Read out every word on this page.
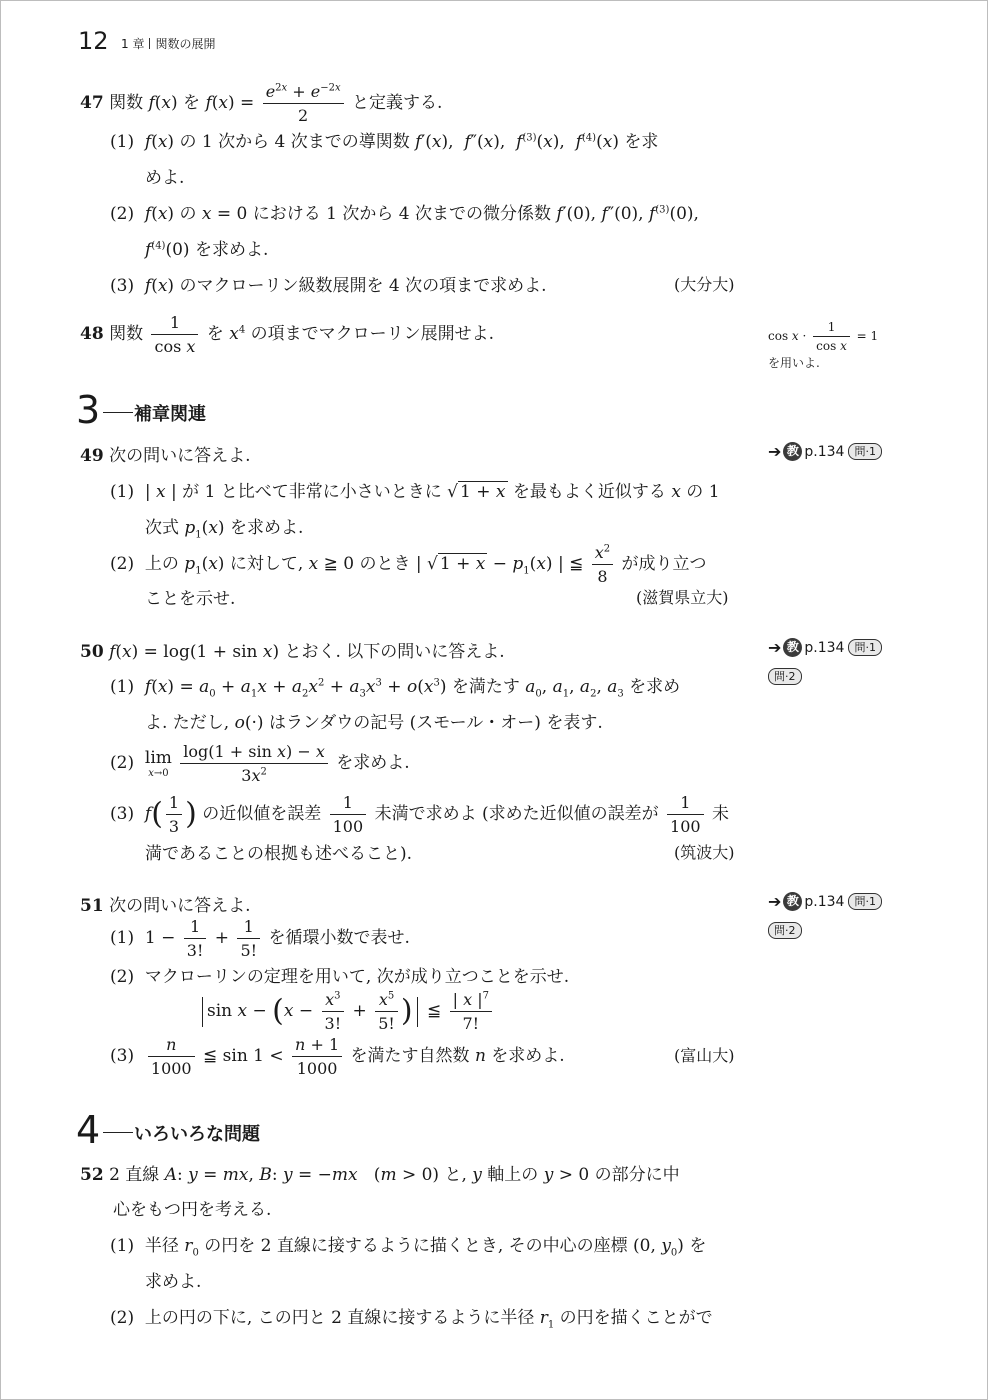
12 1 章 関数の展開
47 関数 f(x) を $f(x) = \frac{e^{2x} + e^{-2x}}{2}$ と定義する.
(1)  f(x) の 1 次から 4 次までの導関数 f′(x),  f″(x),  $f^{(3)}(x)$,  $f^{(4)}(x)$ を求
めよ.
(2)  f(x) の x = 0 における 1 次から 4 次までの微分係数 f′(0), f″(0), $f^{(3)}(0)$,
$f^{(4)}(0)$ を求めよ.
(3)  f(x) のマクローリン級数展開を 4 次の項まで求めよ.	(大分大)
48 関数 $\frac{1}{\text{cos x}}$ を $x^4$ の項までマクローリン展開せよ.	$\cos x \cdot \frac{1}{\text{cos x}} = 1$
を用いよ.
3 補章関連
49 次の問いに答えよ.	➔ 教 p.134 問·1
(1)  | x | が 1 と比べて非常に小さいときに √ 1 + x を最もよく近似する x の 1
次式 $p_1(x)$ を求めよ.
(2)  上の $p_1(x)$ に対して, x ≧ 0 のとき | √ $1 + x - p_1(x)$ | ≦ $\frac{x^2}{8}$ が成り立つ
ことを示せ.	(滋賀県立大)
50 f(x) = log(1 + sin x) とおく. 以下の問いに答えよ.	➔ 教 p.134 問·1
問·2
(1)  $f(x) = a_0 + a_1x + a_2x^2 + a_3x^3 + o(x^3)$ を満たす $a_0$, $a_1$, $a_2$, $a_3$ を求め
よ. ただし, o(·) はランダウの記号 (スモール・オー) を表す.
(2) lim
x→0
$\frac{\text{log(1 + sin x) − x}}{3x^2}$ を求めよ.
(3)  $f( \frac{1}{3}$ ) の近似値を誤差 $\frac{1}{100}$ 未満で求めよ (求めた近似値の誤差が $\frac{1}{100}$ 未
満であることの根拠も述べること).	(筑波大)
51 次の問いに答えよ.	➔ 教 p.134 問·1
問·2
(1)  $1 - \frac{1}{3!} + \frac{1}{5!}$ を循環小数で表せ.
(2)  マクローリンの定理を用いて, 次が成り立つことを示せ.
$\sin x - (x - \frac{x^3}{3!} + \frac{x^5}{5!}$ ) ≦ $\frac{| x |^7}{7!}$
$(3) \frac{n}{1000}$ ≦ $\sin 1 < \frac{n + 1}{1000}$ を満たす自然数 n を求めよ.	(富山大)
4 いろいろな問題
52 2 直線 A: y = mx, B: y = −mx   (m > 0) と, y 軸上の y > 0 の部分に中
心をもつ円を考える.
(1)  半径 $r_0$ の円を 2 直線に接するように描くとき, その中心の座標 (0, $y_0$) を
求めよ.
(2)  上の円の下に, この円と 2 直線に接するように半径 $r_1$ の円を描くことがで
